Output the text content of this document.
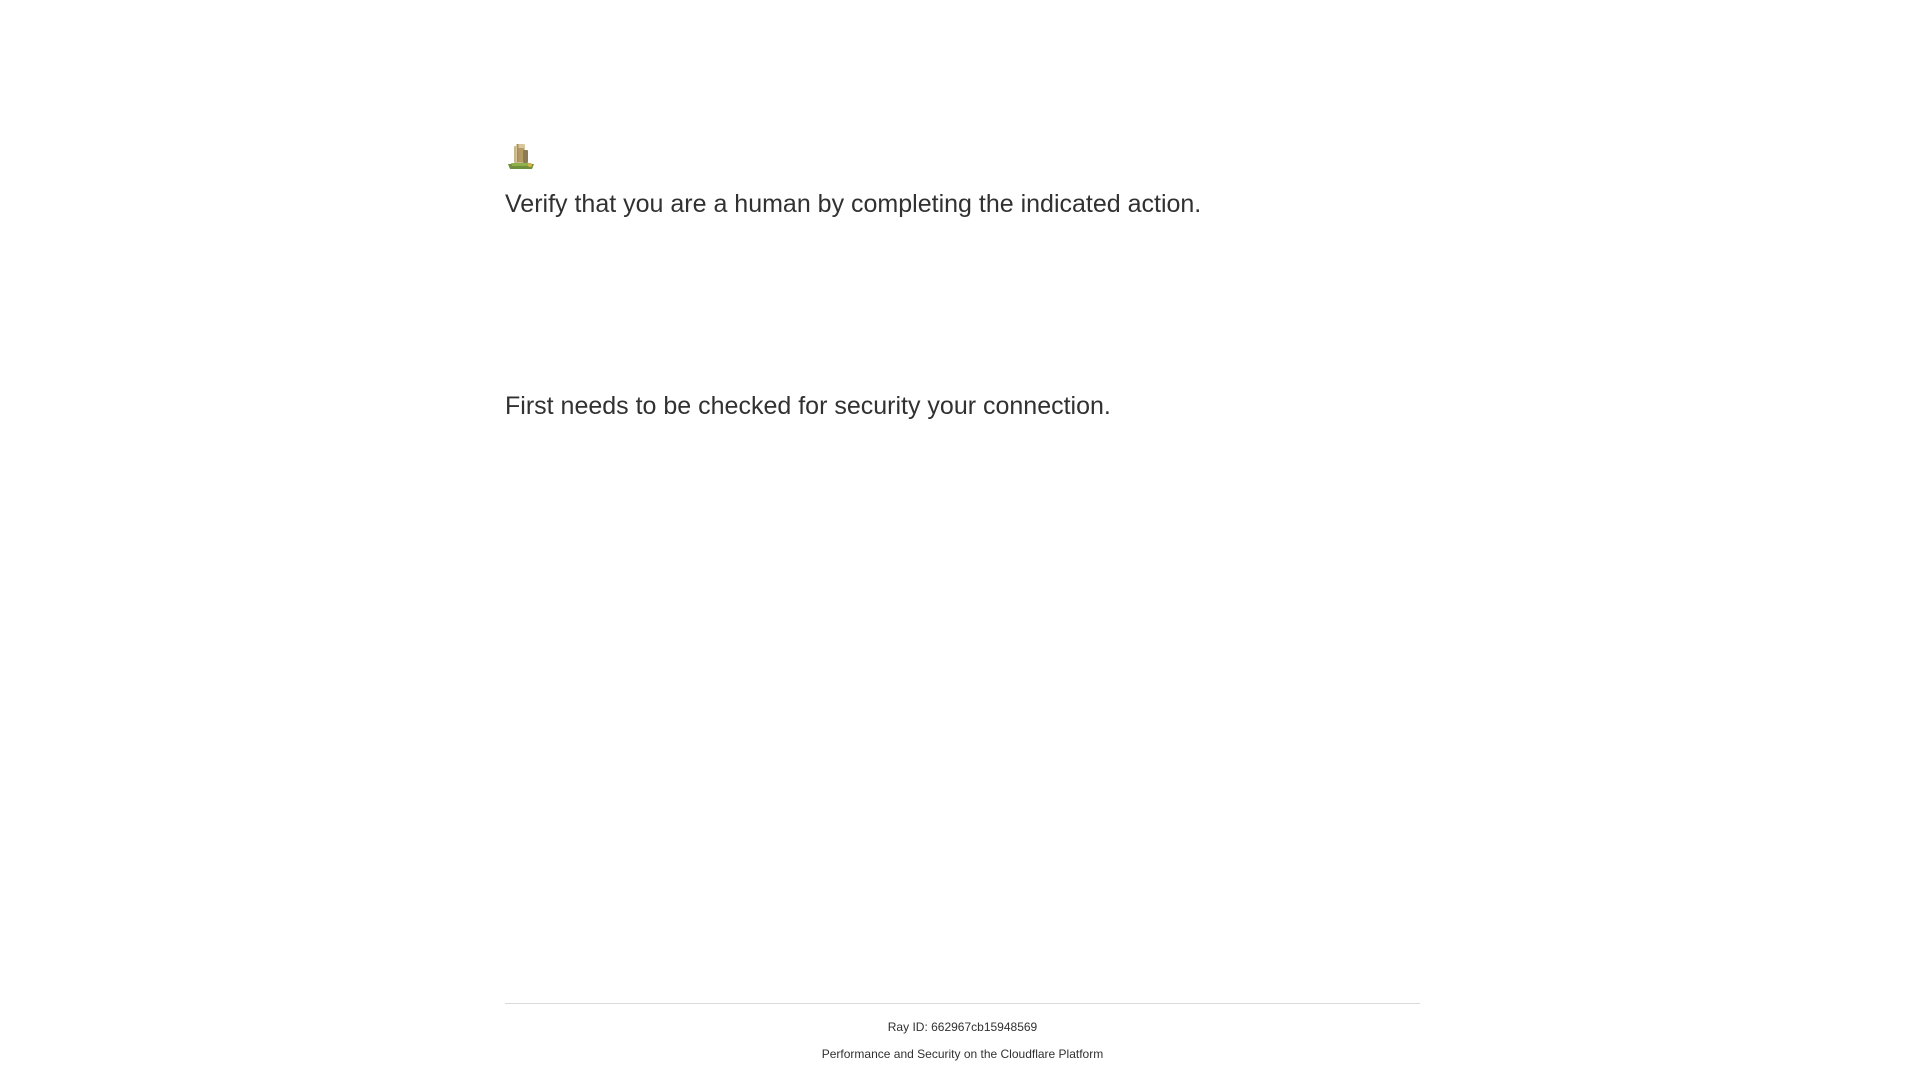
Verify that you are a human by completing the indicated action.

First needs to be checked for security your connection.

Ray ID: 662967cb15948569
Performance and Security on the Cloudflare Platform
